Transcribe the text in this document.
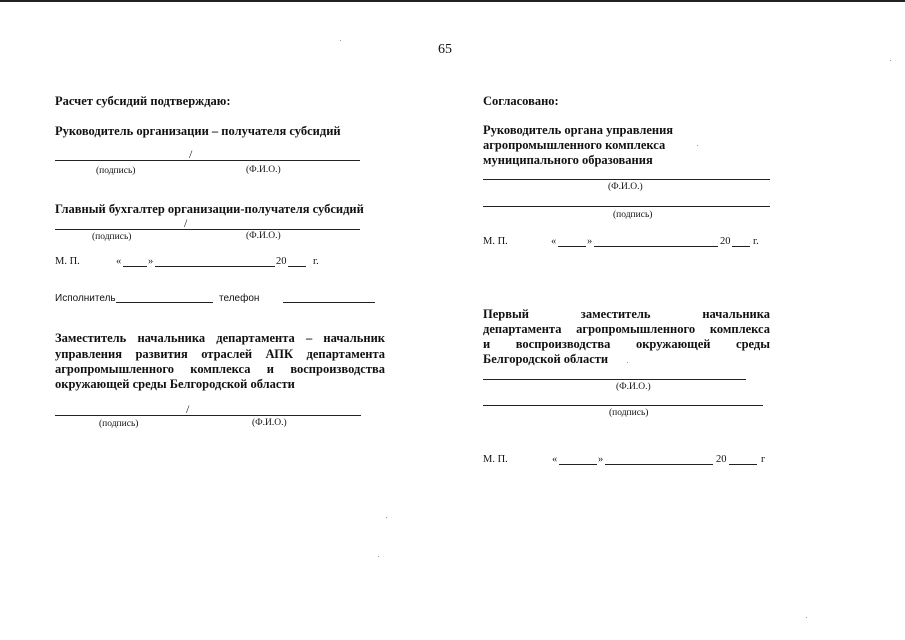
65
Расчет субсидий подтверждаю:
Руководитель организации – получателя субсидий
/
(подпись)	(Ф.И.О.)
Главный бухгалтер организации-получателя субсидий
/
(подпись)	(Ф.И.О.)
М. П.	«	»	20	г.
Исполнитель	телефон
Заместитель начальника департамента – начальник
управления развития отраслей АПК департамента
агропромышленного комплекса и воспроизводства
окружающей среды Белгородской области
/
(подпись)	(Ф.И.О.)
Согласовано:
Руководитель органа управления
агропромышленного комплекса
муниципального образования
(Ф.И.О.)
(подпись)
М. П.	«	»	20 г.
Первый заместитель начальника
департамента агропромышленного комплекса
и воспроизводства окружающей среды
Белгородской области
(Ф.И.О.)
(подпись)
М. П.	«	»	20	г
